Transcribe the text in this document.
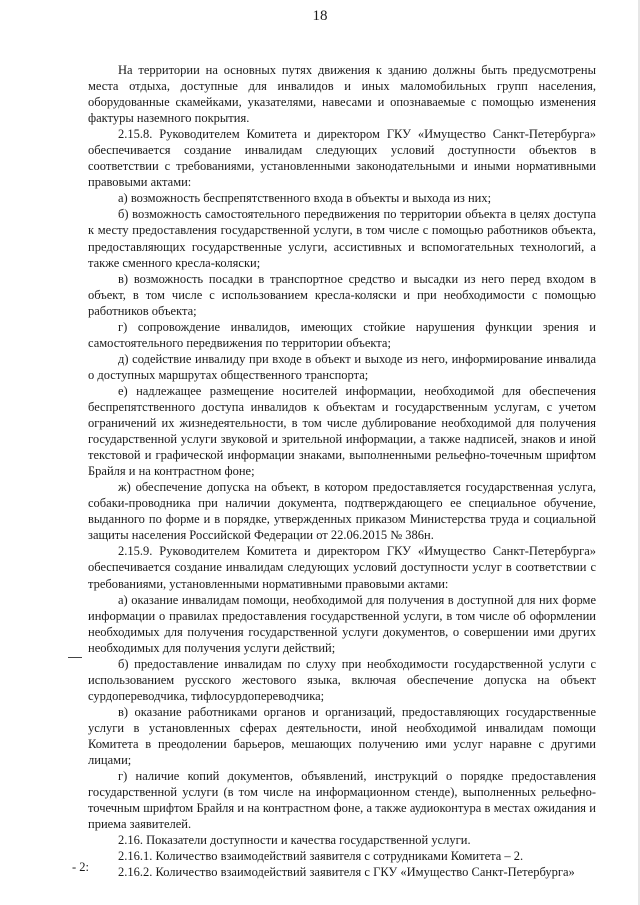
18

На территории на основных путях движения к зданию должны быть предусмотрены места отдыха, доступные для инвалидов и иных маломобильных групп населения, оборудованные скамейками, указателями, навесами и опознаваемые с помощью изменения фактуры наземного покрытия.

2.15.8. Руководителем Комитета и директором ГКУ «Имущество Санкт-Петербурга» обеспечивается создание инвалидам следующих условий доступности объектов в соответствии с требованиями, установленными законодательными и иными нормативными правовыми актами:

а) возможность беспрепятственного входа в объекты и выхода из них;

б) возможность самостоятельного передвижения по территории объекта в целях доступа к месту предоставления государственной услуги, в том числе с помощью работников объекта, предоставляющих государственные услуги, ассистивных и вспомогательных технологий, а также сменного кресла-коляски;

в) возможность посадки в транспортное средство и высадки из него перед входом в объект, в том числе с использованием кресла-коляски и при необходимости с помощью работников объекта;

г) сопровождение инвалидов, имеющих стойкие нарушения функции зрения и самостоятельного передвижения по территории объекта;

д) содействие инвалиду при входе в объект и выходе из него, информирование инвалида о доступных маршрутах общественного транспорта;

е) надлежащее размещение носителей информации, необходимой для обеспечения беспрепятственного доступа инвалидов к объектам и государственным услугам, с учетом ограничений их жизнедеятельности, в том числе дублирование необходимой для получения государственной услуги звуковой и зрительной информации, а также надписей, знаков и иной текстовой и графической информации знаками, выполненными рельефно-точечным шрифтом Брайля и на контрастном фоне;

ж) обеспечение допуска на объект, в котором предоставляется государственная услуга, собаки-проводника при наличии документа, подтверждающего ее специальное обучение, выданного по форме и в порядке, утвержденных приказом Министерства труда и социальной защиты населения Российской Федерации от 22.06.2015 № 386н.

2.15.9. Руководителем Комитета и директором ГКУ «Имущество Санкт-Петербурга» обеспечивается создание инвалидам следующих условий доступности услуг в соответствии с требованиями, установленными нормативными правовыми актами:

а) оказание инвалидам помощи, необходимой для получения в доступной для них форме информации о правилах предоставления государственной услуги, в том числе об оформлении необходимых для получения государственной услуги документов, о совершении ими других необходимых для получения услуги действий;

б) предоставление инвалидам по слуху при необходимости государственной услуги с использованием русского жестового языка, включая обеспечение допуска на объект сурдопереводчика, тифлосурдопереводчика;

в) оказание работниками органов и организаций, предоставляющих государственные услуги в установленных сферах деятельности, иной необходимой инвалидам помощи Комитета в преодолении барьеров, мешающих получению ими услуг наравне с другими лицами;

г) наличие копий документов, объявлений, инструкций о порядке предоставления государственной услуги (в том числе на информационном стенде), выполненных рельефно-точечным шрифтом Брайля и на контрастном фоне, а также аудиоконтура в местах ожидания и приема заявителей.

2.16. Показатели доступности и качества государственной услуги.

2.16.1. Количество взаимодействий заявителя с сотрудниками Комитета – 2.

2.16.2. Количество взаимодействий заявителя с ГКУ «Имущество Санкт-Петербурга»

- 2:
